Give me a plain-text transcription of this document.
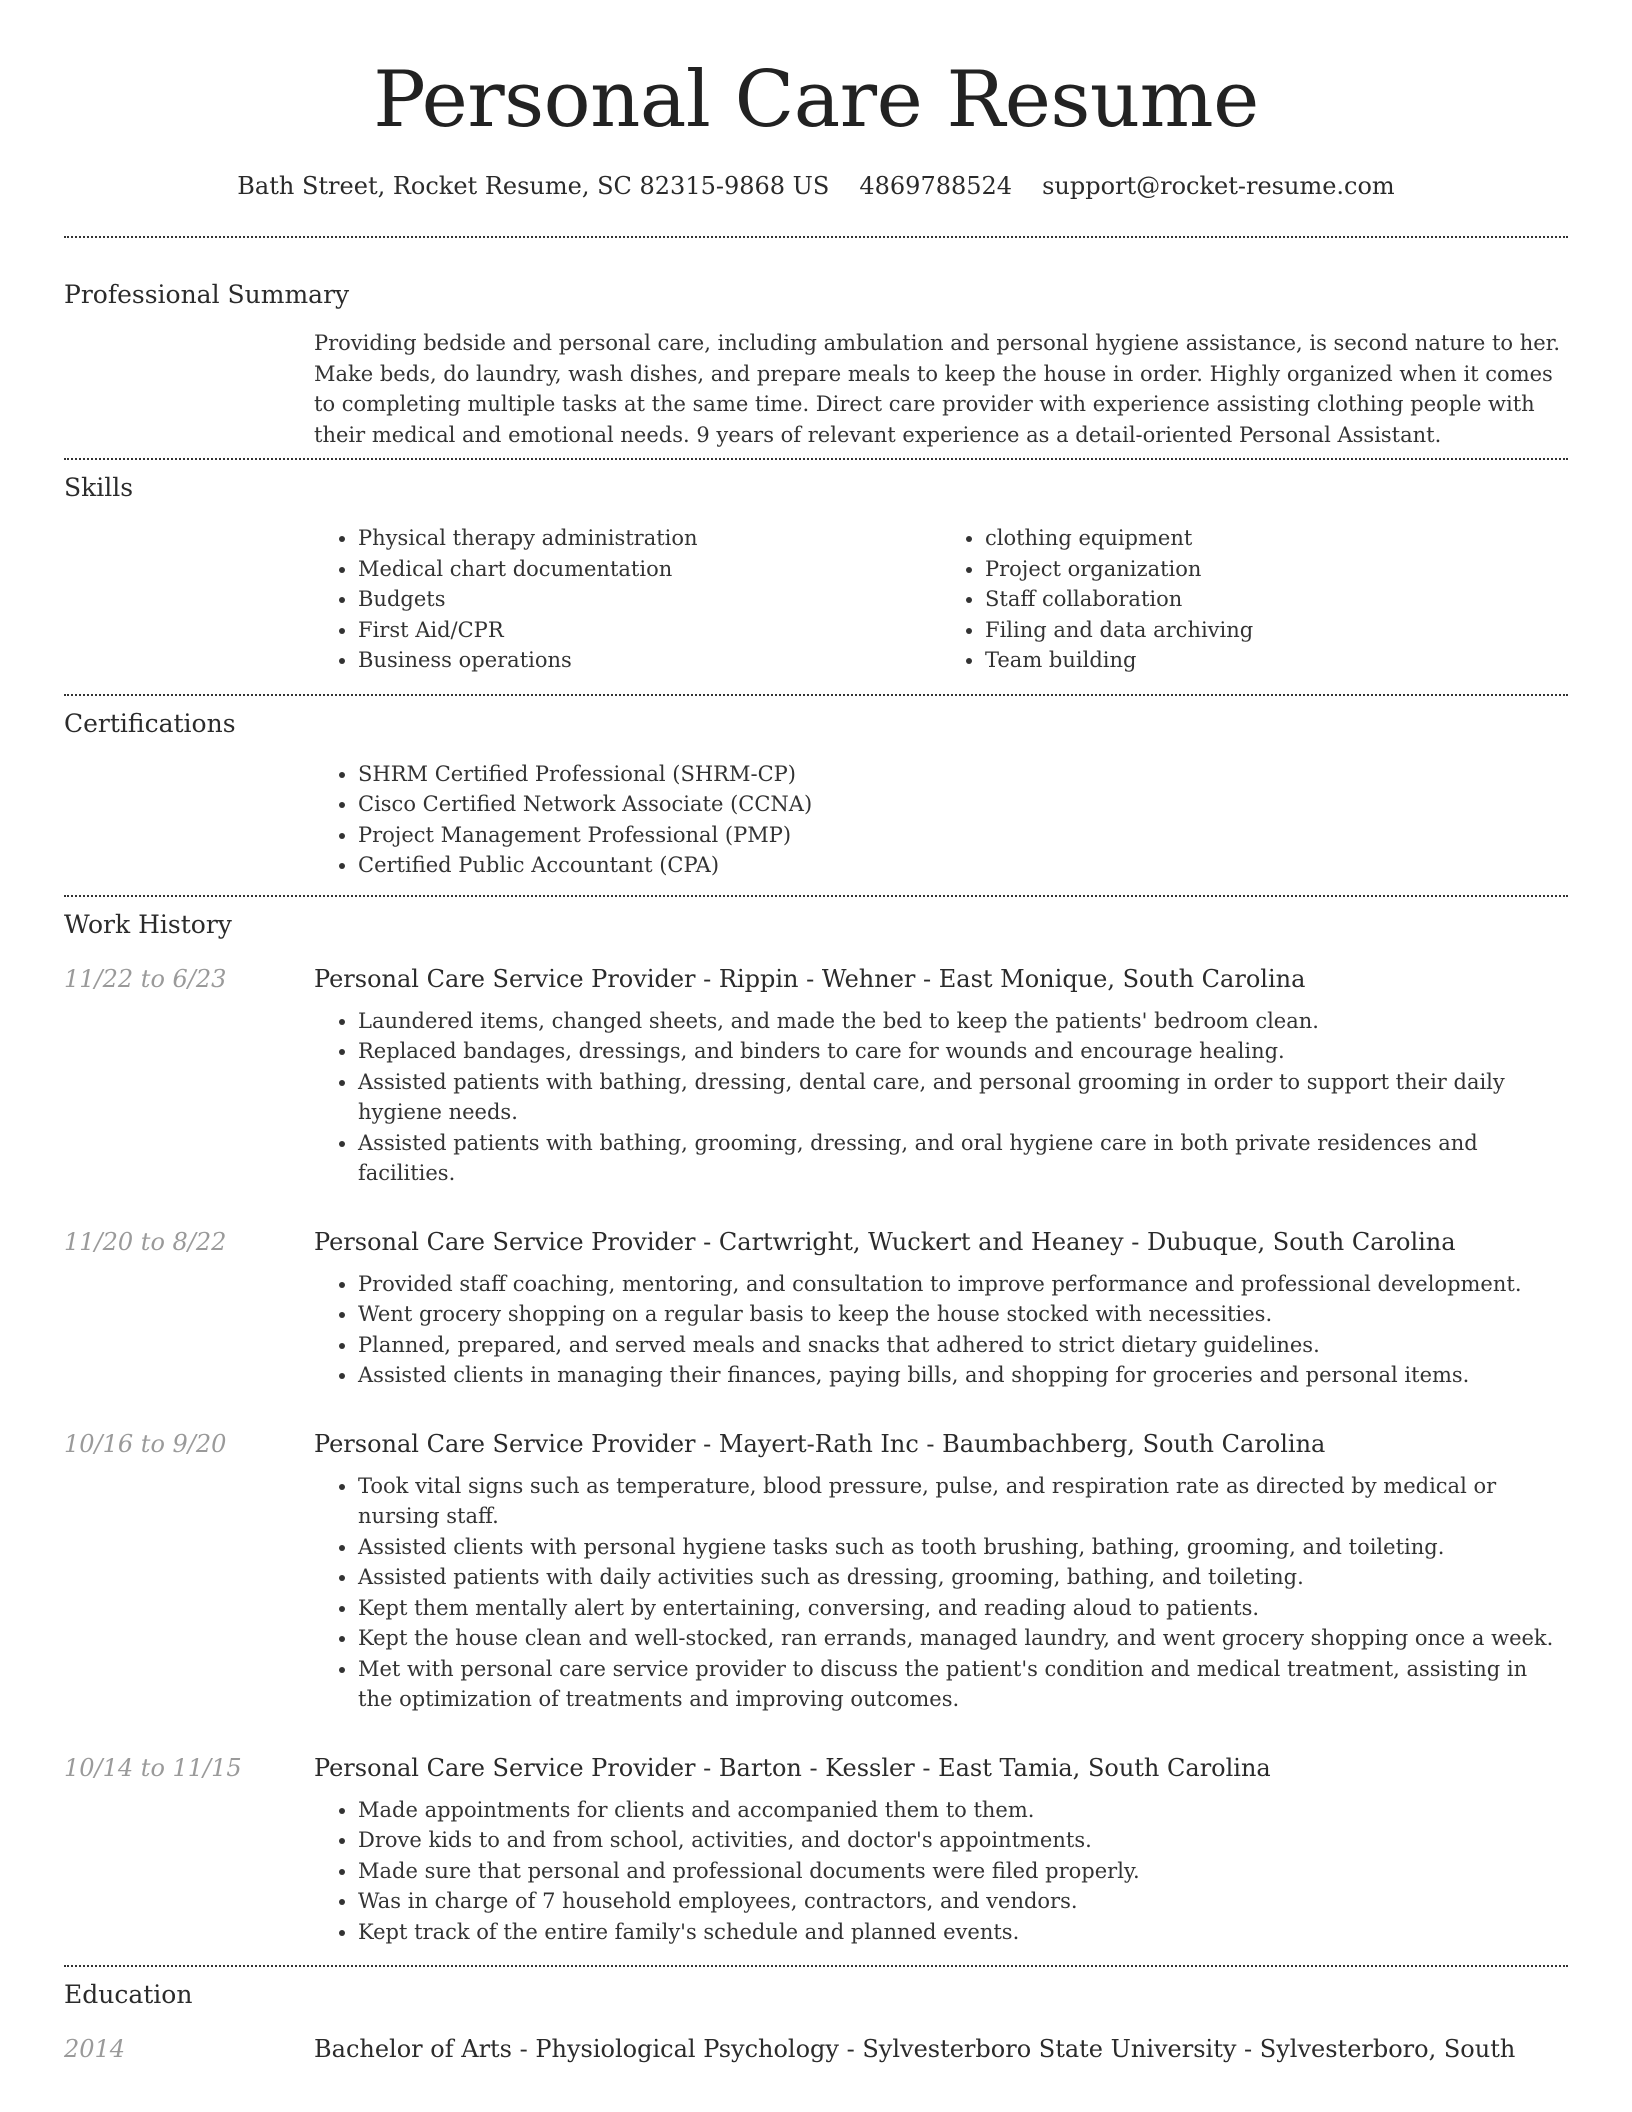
Personal Care Resume
Bath Street, Rocket Resume, SC 82315-9868 US 4869788524 support@rocket-resume.com
Professional Summary
Providing bedside and personal care, including ambulation and personal hygiene assistance, is second nature to her. Make beds, do laundry, wash dishes, and prepare meals to keep the house in order. Highly organized when it comes to completing multiple tasks at the same time. Direct care provider with experience assisting clothing people with their medical and emotional needs. 9 years of relevant experience as a detail-oriented Personal Assistant.
Skills
• Physical therapy administration
• Medical chart documentation
• Budgets
• First Aid/CPR
• Business operations
• clothing equipment
• Project organization
• Staff collaboration
• Filing and data archiving
• Team building
Certifications
• SHRM Certified Professional (SHRM-CP)
• Cisco Certified Network Associate (CCNA)
• Project Management Professional (PMP)
• Certified Public Accountant (CPA)
Work History
11/22 to 6/23	Personal Care Service Provider - Rippin - Wehner - East Monique, South Carolina
• Laundered items, changed sheets, and made the bed to keep the patients' bedroom clean.
• Replaced bandages, dressings, and binders to care for wounds and encourage healing.
• Assisted patients with bathing, dressing, dental care, and personal grooming in order to support their daily hygiene needs.
• Assisted patients with bathing, grooming, dressing, and oral hygiene care in both private residences and facilities.
11/20 to 8/22	Personal Care Service Provider - Cartwright, Wuckert and Heaney - Dubuque, South Carolina
• Provided staff coaching, mentoring, and consultation to improve performance and professional development.
• Went grocery shopping on a regular basis to keep the house stocked with necessities.
• Planned, prepared, and served meals and snacks that adhered to strict dietary guidelines.
• Assisted clients in managing their finances, paying bills, and shopping for groceries and personal items.
10/16 to 9/20	Personal Care Service Provider - Mayert-Rath Inc - Baumbachberg, South Carolina
• Took vital signs such as temperature, blood pressure, pulse, and respiration rate as directed by medical or nursing staff.
• Assisted clients with personal hygiene tasks such as tooth brushing, bathing, grooming, and toileting.
• Assisted patients with daily activities such as dressing, grooming, bathing, and toileting.
• Kept them mentally alert by entertaining, conversing, and reading aloud to patients.
• Kept the house clean and well-stocked, ran errands, managed laundry, and went grocery shopping once a week.
• Met with personal care service provider to discuss the patient's condition and medical treatment, assisting in the optimization of treatments and improving outcomes.
10/14 to 11/15	Personal Care Service Provider - Barton - Kessler - East Tamia, South Carolina
• Made appointments for clients and accompanied them to them.
• Drove kids to and from school, activities, and doctor's appointments.
• Made sure that personal and professional documents were filed properly.
• Was in charge of 7 household employees, contractors, and vendors.
• Kept track of the entire family's schedule and planned events.
Education
2014	Bachelor of Arts - Physiological Psychology - Sylvesterboro State University - Sylvesterboro, South
